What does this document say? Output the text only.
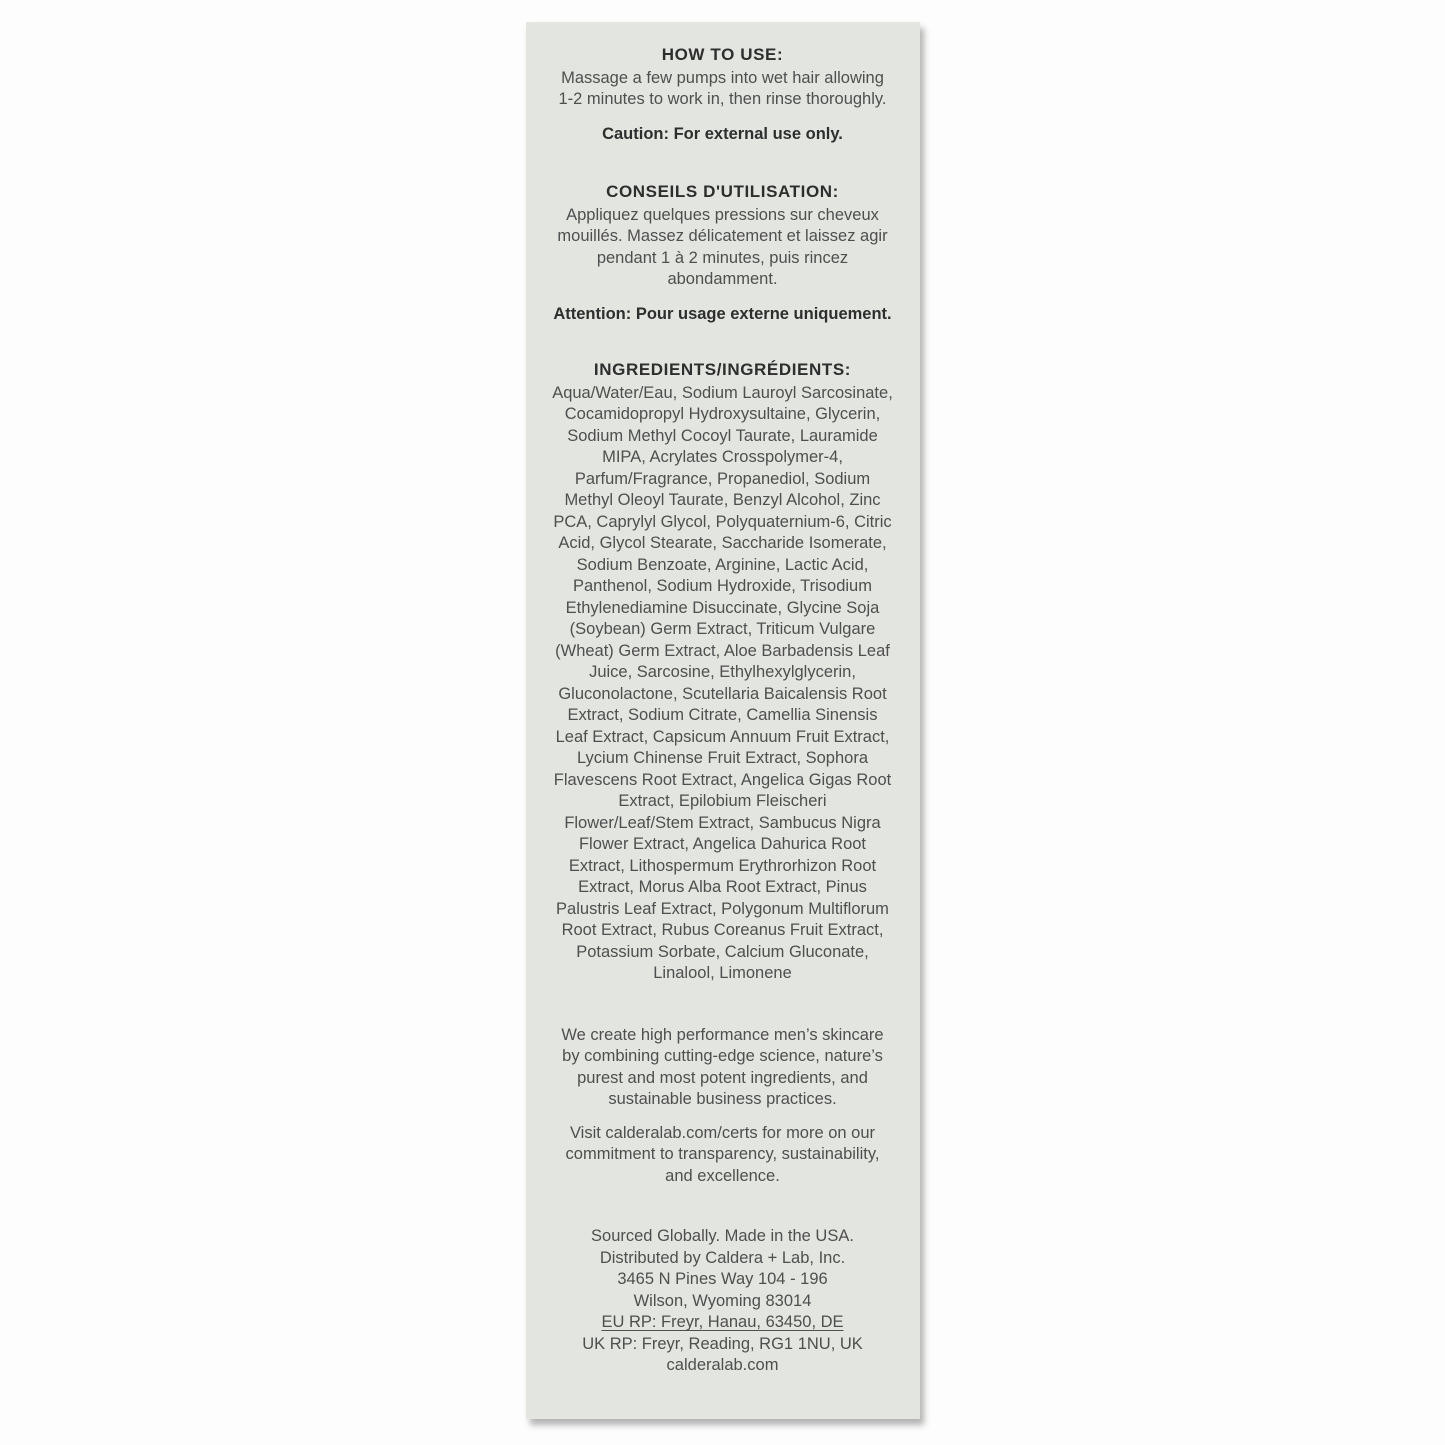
HOW TO USE:

Massage a few pumps into wet hair allowing 1-2 minutes to work in, then rinse thoroughly.

Caution: For external use only.

CONSEILS D'UTILISATION:

Appliquez quelques pressions sur cheveux mouillés. Massez délicatement et laissez agir pendant 1 à 2 minutes, puis rincez abondamment.

Attention: Pour usage externe uniquement.

INGREDIENTS/INGRÉDIENTS:

Aqua/Water/Eau, Sodium Lauroyl Sarcosinate, Cocamidopropyl Hydroxysultaine, Glycerin, Sodium Methyl Cocoyl Taurate, Lauramide MIPA, Acrylates Crosspolymer-4, Parfum/Fragrance, Propanediol, Sodium Methyl Oleoyl Taurate, Benzyl Alcohol, Zinc PCA, Caprylyl Glycol, Polyquaternium-6, Citric Acid, Glycol Stearate, Saccharide Isomerate, Sodium Benzoate, Arginine, Lactic Acid, Panthenol, Sodium Hydroxide, Trisodium Ethylenediamine Disuccinate, Glycine Soja (Soybean) Germ Extract, Triticum Vulgare (Wheat) Germ Extract, Aloe Barbadensis Leaf Juice, Sarcosine, Ethylhexylglycerin, Gluconolactone, Scutellaria Baicalensis Root Extract, Sodium Citrate, Camellia Sinensis Leaf Extract, Capsicum Annuum Fruit Extract, Lycium Chinense Fruit Extract, Sophora Flavescens Root Extract, Angelica Gigas Root Extract, Epilobium Fleischeri Flower/Leaf/Stem Extract, Sambucus Nigra Flower Extract, Angelica Dahurica Root Extract, Lithospermum Erythrorhizon Root Extract, Morus Alba Root Extract, Pinus Palustris Leaf Extract, Polygonum Multiflorum Root Extract, Rubus Coreanus Fruit Extract, Potassium Sorbate, Calcium Gluconate, Linalool, Limonene

We create high performance men’s skincare by combining cutting-edge science, nature’s purest and most potent ingredients, and sustainable business practices.

Visit calderalab.com/certs for more on our commitment to transparency, sustainability, and excellence.

Sourced Globally. Made in the USA.
Distributed by Caldera + Lab, Inc.
3465 N Pines Way 104 - 196
Wilson, Wyoming 83014
EU RP: Freyr, Hanau, 63450, DE
UK RP: Freyr, Reading, RG1 1NU, UK
calderalab.com
